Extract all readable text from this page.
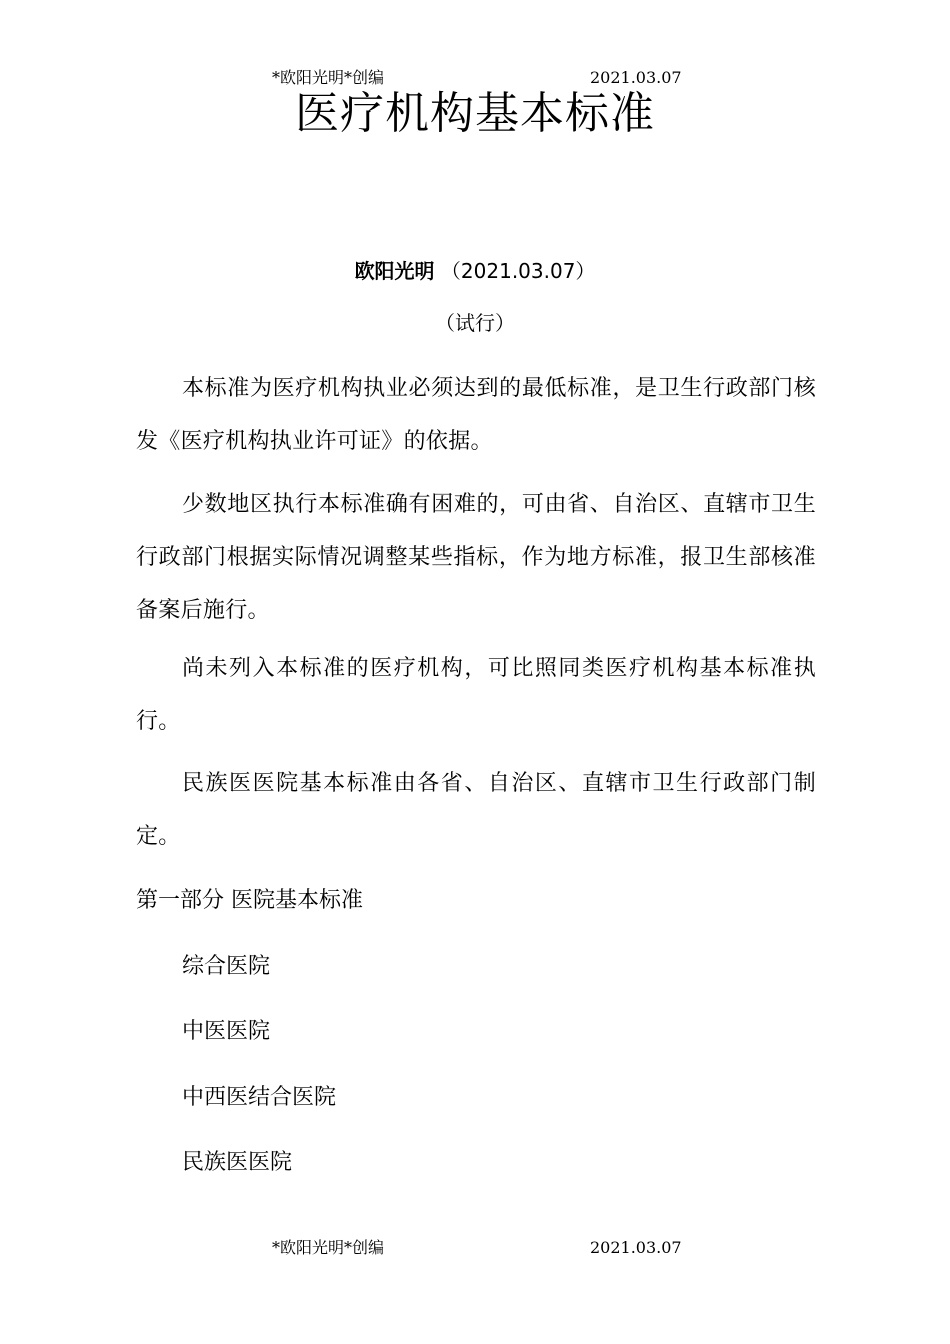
*欧阳光明*创编	2021.03.07
医疗机构基本标准
欧阳光明 （2021.03.07）
（试行）
本标准为医疗机构执业必须达到的最低标准，是卫生行政部门核发《医疗机构执业许可证》的依据。
少数地区执行本标准确有困难的，可由省、自治区、直辖市卫生行政部门根据实际情况调整某些指标，作为地方标准，报卫生部核准备案后施行。
尚未列入本标准的医疗机构，可比照同类医疗机构基本标准执行。
民族医医院基本标准由各省、自治区、直辖市卫生行政部门制定。
第一部分 医院基本标准
综合医院
中医医院
中西医结合医院
民族医医院
*欧阳光明*创编	2021.03.07
